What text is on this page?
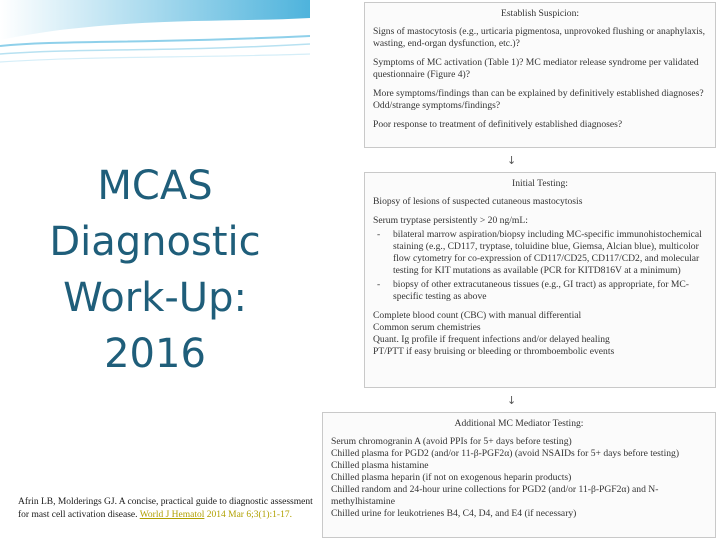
MCAS
Diagnostic
Work-Up:
2016
Afrin LB, Molderings GJ. A concise, practical guide to diagnostic assessment for mast cell activation disease. World J Hematol 2014 Mar 6;3(1):1-17.
Establish Suspicion:
Signs of mastocytosis (e.g., urticaria pigmentosa, unprovoked flushing or anaphylaxis, wasting, end-organ dysfunction, etc.)?
Symptoms of MC activation (Table 1)? MC mediator release syndrome per validated questionnaire (Figure 4)?
More symptoms/findings than can be explained by definitively established diagnoses? Odd/strange symptoms/findings?
Poor response to treatment of definitively established diagnoses?
↓
Initial Testing:
Biopsy of lesions of suspected cutaneous mastocytosis
Serum tryptase persistently > 20 ng/mL:
- bilateral marrow aspiration/biopsy including MC-specific immunohistochemical staining (e.g., CD117, tryptase, toluidine blue, Giemsa, Alcian blue), multicolor flow cytometry for co-expression of CD117/CD25, CD117/CD2, and molecular testing for KIT mutations as available (PCR for KITD816V at a minimum)
- biopsy of other extracutaneous tissues (e.g., GI tract) as appropriate, for MC-specific testing as above
Complete blood count (CBC) with manual differential
Common serum chemistries
Quant. Ig profile if frequent infections and/or delayed healing
PT/PTT if easy bruising or bleeding or thromboembolic events
↓
Additional MC Mediator Testing:
Serum chromogranin A (avoid PPIs for 5+ days before testing)
Chilled plasma for PGD2 (and/or 11-β-PGF2α) (avoid NSAIDs for 5+ days before testing)
Chilled plasma histamine
Chilled plasma heparin (if not on exogenous heparin products)
Chilled random and 24-hour urine collections for PGD2 (and/or 11-β-PGF2α) and N-methylhistamine
Chilled urine for leukotrienes B4, C4, D4, and E4 (if necessary)
